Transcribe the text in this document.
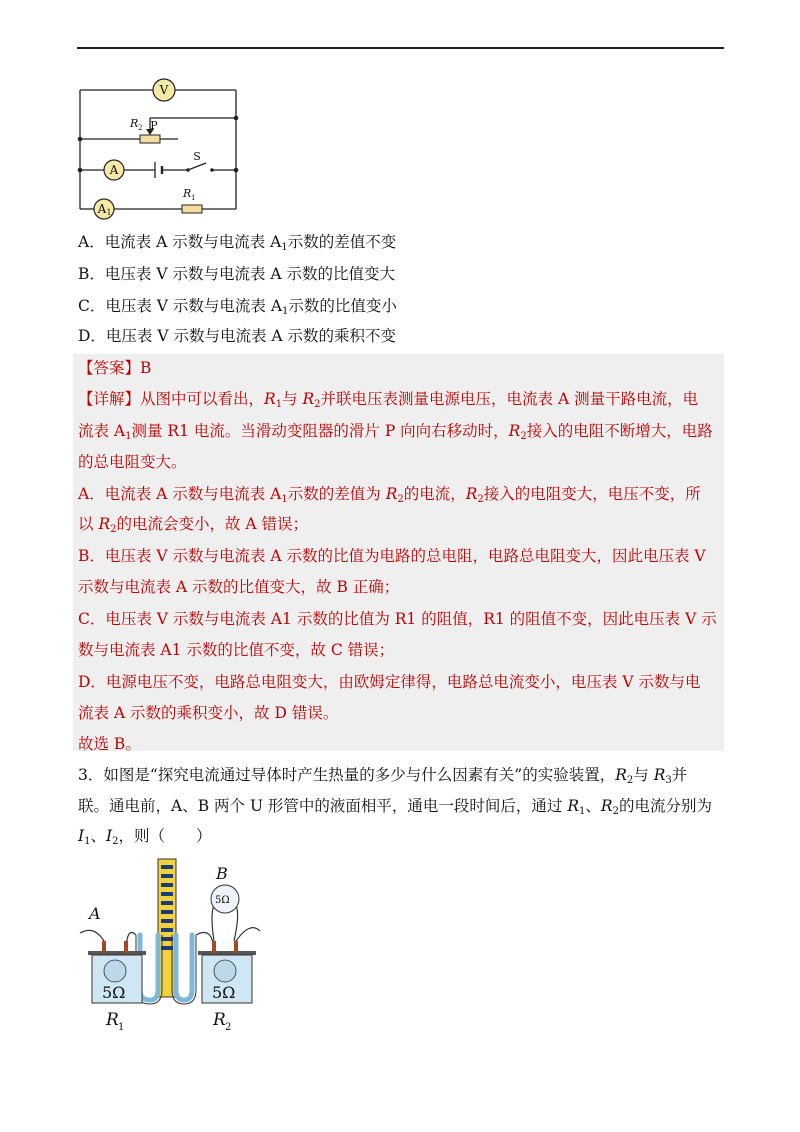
V
A
A 1
P
S
R 2
R 1
A．电流表 A 示数与电流表 $A_1$示数的差值不变
B．电压表 V 示数与电流表 A 示数的比值变大
C．电压表 V 示数与电流表 $A_1$示数的比值变小
D．电压表 V 示数与电流表 A 示数的乘积不变
【答案】B
【详解】从图中可以看出，$R_1$与 $R_2$并联电压表测量电源电压，电流表 A 测量干路电流，电
流表 $A_1$测量 R1 电流。当滑动变阻器的滑片 P 向向右移动时，$R_2$接入的电阻不断增大，电路
的总电阻变大。
A．电流表 A 示数与电流表 $A_1$示数的差值为 $R_2$的电流，$R_2$接入的电阻变大，电压不变，所
以 $R_2$的电流会变小，故 A 错误；
B．电压表 V 示数与电流表 A 示数的比值为电路的总电阻，电路总电阻变大，因此电压表 V
示数与电流表 A 示数的比值变大，故 B 正确；
C．电压表 V 示数与电流表 A1 示数的比值为 R1 的阻值，R1 的阻值不变，因此电压表 V 示
数与电流表 A1 示数的比值不变，故 C 错误；
D．电源电压不变，电路总电阻变大，由欧姆定律得，电路总电流变小，电压表 V 示数与电
流表 A 示数的乘积变小，故 D 错误。
故选 B。
3．如图是“探究电流通过导体时产生热量的多少与什么因素有关”的实验装置，$R_2$与 $R_3$并
联。通电前，A、B 两个 U 形管中的液面相平，通电一段时间后，通过 $R_1$、$R_2$的电流分别为
$I_1$、$I_2$，则（　　）
A
B
5Ω
5Ω	5Ω
R 1	R 2
